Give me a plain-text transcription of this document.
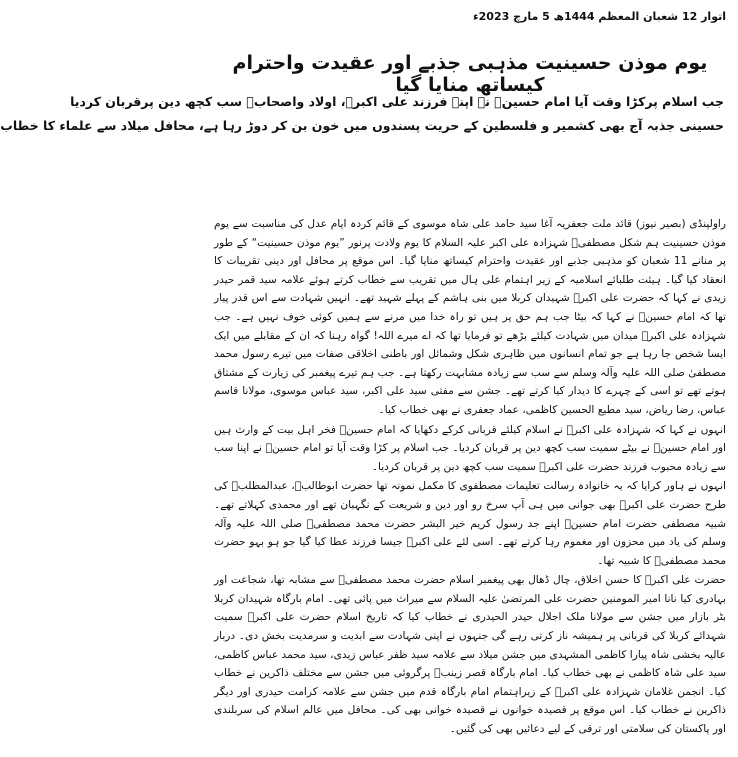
اتوار 12 شعبان المعظم 1444ھ 5 مارچ 2023ء
یوم موذن حسینیت مذہبی جذبے اور عقیدت واحترام کیساتھ منایا گیا
جب اسلام پرکڑا وقت آیا امام حسینؑ نے اپنے فرزند علی اکبرؓ، اولاد واصحابؓ سب کچھ دین پرقربان کردیا
حسینی جذبہ آج بھی کشمیر و فلسطین کے حریت پسندوں میں خون بن کر دوڑ رہا ہے، محافل میلاد سے علماء کا خطاب

راولپنڈی (بصیر نیوز) قائد ملت جعفریہ آغا سید حامد علی شاہ موسوی کے قائم کردہ ایام عدل کی مناسبت سے یوم موذن حسینیت ہم شکل مصطفیؐ شہزادہ علی اکبر علیہ السلام کا یوم ولادت پرنور ”یوم موذن حسینیت“ کے طور پر منانے 11 شعبان کو مذہبی جذبے اور عقیدت واحترام کیساتھ منایا گیا۔ اس موقع پر محافل اور دینی تقریبات کا انعقاد کیا گیا۔ ہیئت طلبائے اسلامیہ کے زیر اہتمام علی ہال میں تقریب سے خطاب کرتے ہوئے علامہ سید قمر حیدر زیدی نے کہا کہ حضرت علی اکبرؑ شہیدان کربلا میں بنی ہاشم کے پہلے شہید تھے۔ انہیں شہادت سے اس قدر پیار تھا کہ امام حسینؑ نے کہا کہ بیٹا جب ہم حق پر ہیں تو راہ خدا میں مرنے سے ہمیں کوئی خوف نہیں ہے۔ جب شہزادہ علی اکبرؑ میدان میں شہادت کیلئے بڑھے تو فرمایا تھا کہ اے میرے اللہ! گواہ رہنا کہ ان کے مقابلے میں ایک ایسا شخص جا رہا ہے جو تمام انسانوں میں ظاہری شکل وشمائل اور باطنی اخلاقی صفات میں تیرے رسول محمد مصطفیٰ صلی اللہ علیہ وآلہ وسلم سے سب سے زیادہ مشابہت رکھتا ہے۔ جب ہم تیرے پیغمبر کی زیارت کے مشتاق ہوتے تھے تو اسی کے چہرے کا دیدار کیا کرتے تھے۔ جشن سے مفتی سید علی اکبر، سید عباس موسوی، مولانا قاسم عباس، رضا ریاض، سید مطیع الحسین کاظمی، عماد جعفری نے بھی خطاب کیا۔

انہوں نے کہا کہ شہزادہ علی اکبرؑ نے اسلام کیلئے قربانی کرکے دکھایا کہ امام حسینؑ فخر اہل بیت کے وارث ہیں اور امام حسینؑ نے بیٹے سمیت سب کچھ دین پر قربان کردیا۔ جب اسلام پر کڑا وقت آیا تو امام حسینؑ نے اپنا سب سے زیادہ محبوب فرزند حضرت علی اکبرؑ سمیت سب کچھ دین پر قربان کردیا۔

انہوں نے ہاور کرایا کہ یہ خانوادہ رسالت تعلیمات مصطفوی کا مکمل نمونہ تھا حضرت ابوطالبؑ، عبدالمطلبؑ کی طرح حضرت علی اکبرؑ بھی جوانی میں ہی آپ سرخ رو اور دین و شریعت کے نگہبان تھے اور محمدی کہلاتے تھے۔ شبیہ مصطفی حضرت امام حسینؑ اپنے جد رسول کریم خیر البشر حضرت محمد مصطفیؐ صلی اللہ علیہ وآلہ وسلم کی یاد میں محزون اور مغموم رہا کرتے تھے۔ اسی لئے علی اکبرؑ جیسا فرزند عطا کیا گیا جو ہو بہو حضرت محمد مصطفیؐ کا شبیہ تھا۔

حضرت علی اکبرؑ کا حسن اخلاق، چال ڈھال بھی پیغمبر اسلام حضرت محمد مصطفیؐ سے مشابہ تھا، شجاعت اور بہادری کیا نانا امیر المومنین حضرت علی المرتضیٰ علیہ السلام سے میراث میں پائی تھی۔ امام بارگاہ شہیدان کربلا بٹر بازار میں جشن سے مولانا ملک اجلال حیدر الحیدری نے خطاب کیا کہ تاریخ اسلام حضرت علی اکبرؑ سمیت شہدائے کربلا کی قربانی پر ہمیشہ ناز کرتی رہے گی جنہوں نے اپنی شہادت سے ابدیت و سرمدیت بخش دی۔ دربار عالیہ بخشی شاہ پیارا کاظمی المشہدی میں جشن میلاد سے علامہ سید ظفر عباس زیدی، سید محمد عباس کاظمی، سید علی شاہ کاظمی نے بھی خطاب کیا۔ امام بارگاہ قصر زینبؑ پرگروئی میں جشن سے مختلف ذاکرین نے خطاب کیا۔ انجمن غلامان شہزادہ علی اکبرؑ کے زیراہتمام امام بارگاہ قدم میں جشن سے علامہ کرامت حیدری اور دیگر ذاکرین نے خطاب کیا۔ اس موقع پر قصیدہ خوانوں نے قصیدہ خوانی بھی کی۔ محافل میں عالم اسلام کی سربلندی اور پاکستان کی سلامتی اور ترقی کے لیے دعائیں بھی کی گئیں۔
